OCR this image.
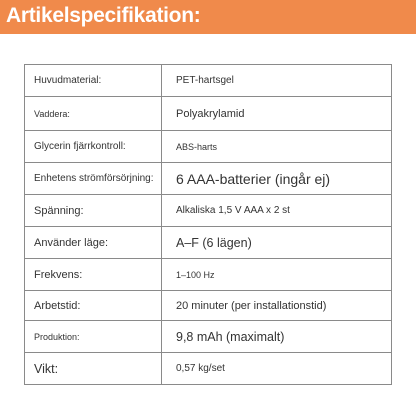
Artikelspecifikation:
Huvudmaterial:	PET-hartsgel
Vaddera:	Polyakrylamid
Glycerin fjärrkontroll:	ABS-harts
Enhetens strömförsörjning:	6 AAA-batterier (ingår ej)
Spänning:	Alkaliska 1,5 V AAA x 2 st
Använder läge:	A–F (6 lägen)
Frekvens:	1–100 Hz
Arbetstid:	20 minuter (per installationstid)
Produktion:	9,8 mAh (maximalt)
Vikt:	0,57 kg/set
